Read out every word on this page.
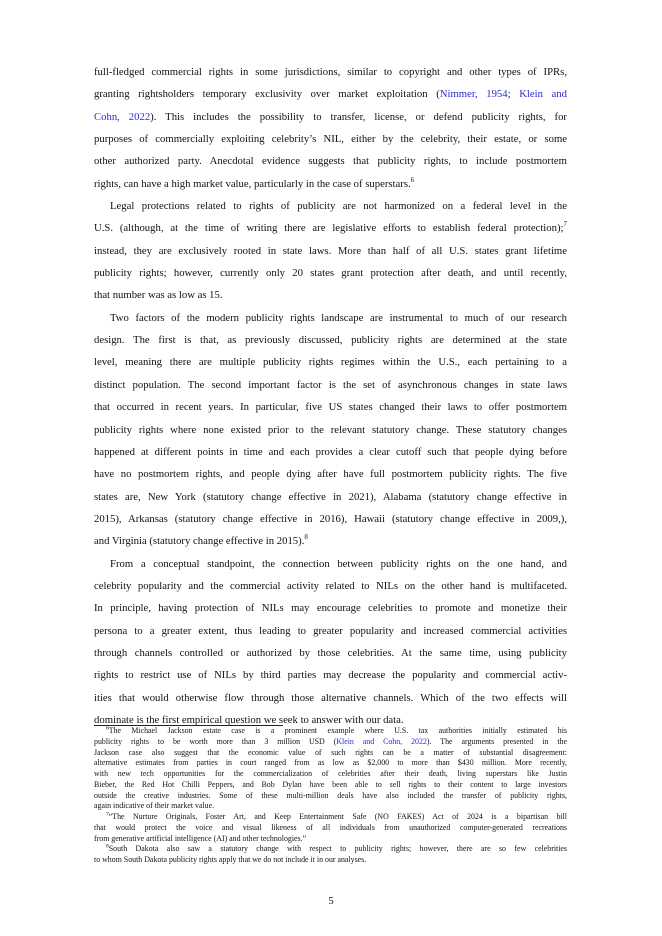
full-fledged commercial rights in some jurisdictions, similar to copyright and other types of IPRs,
granting rightsholders temporary exclusivity over market exploitation (Nimmer, 1954; Klein and
Cohn, 2022). This includes the possibility to transfer, license, or defend publicity rights, for
purposes of commercially exploiting celebrity’s NIL, either by the celebrity, their estate, or some
other authorized party. Anecdotal evidence suggests that publicity rights, to include postmortem
rights, can have a high market value, particularly in the case of superstars.$^6$
Legal protections related to rights of publicity are not harmonized on a federal level in the
U.S. (although, at the time of writing there are legislative efforts to establish federal protection);$^7$
instead, they are exclusively rooted in state laws. More than half of all U.S. states grant lifetime
publicity rights; however, currently only 20 states grant protection after death, and until recently,
that number was as low as 15.
Two factors of the modern publicity rights landscape are instrumental to much of our research
design. The first is that, as previously discussed, publicity rights are determined at the state
level, meaning there are multiple publicity rights regimes within the U.S., each pertaining to a
distinct population. The second important factor is the set of asynchronous changes in state laws
that occurred in recent years. In particular, five US states changed their laws to offer postmortem
publicity rights where none existed prior to the relevant statutory change. These statutory changes
happened at different points in time and each provides a clear cutoff such that people dying before
have no postmortem rights, and people dying after have full postmortem publicity rights. The five
states are, New York (statutory change effective in 2021), Alabama (statutory change effective in
2015), Arkansas (statutory change effective in 2016), Hawaii (statutory change effective in 2009,),
and Virginia (statutory change effective in 2015).$^8$
From a conceptual standpoint, the connection between publicity rights on the one hand, and
celebrity popularity and the commercial activity related to NILs on the other hand is multifaceted.
In principle, having protection of NILs may encourage celebrities to promote and monetize their
persona to a greater extent, thus leading to greater popularity and increased commercial activities
through channels controlled or authorized by those celebrities. At the same time, using publicity
rights to restrict use of NILs by third parties may decrease the popularity and commercial activ-
ities that would otherwise flow through those alternative channels. Which of the two effects will
dominate is the first empirical question we seek to answer with our data.
$^6$The Michael Jackson estate case is a prominent example where U.S. tax authorities initially estimated his
publicity rights to be worth more than 3 million USD (Klein and Cohn, 2022). The arguments presented in the
Jackson case also suggest that the economic value of such rights can be a matter of substantial disagreement:
alternative estimates from parties in court ranged from as low as $2,000 to more than $430 million. More recently,
with new tech opportunities for the commercialization of celebrities after their death, living superstars like Justin
Bieber, the Red Hot Chilli Peppers, and Bob Dylan have been able to sell rights to their content to large investors
outside the creative industries. Some of these multi-million deals have also included the transfer of publicity rights,
again indicative of their market value.
$^7$“The Nurture Originals, Foster Art, and Keep Entertainment Safe (NO FAKES) Act of 2024 is a bipartisan bill
that would protect the voice and visual likeness of all individuals from unauthorized computer-generated recreations
from generative artificial intelligence (AI) and other technologies.”
$^8$South Dakota also saw a statutory change with respect to publicity rights; however, there are so few celebrities
to whom South Dakota publicity rights apply that we do not include it in our analyses.
5
